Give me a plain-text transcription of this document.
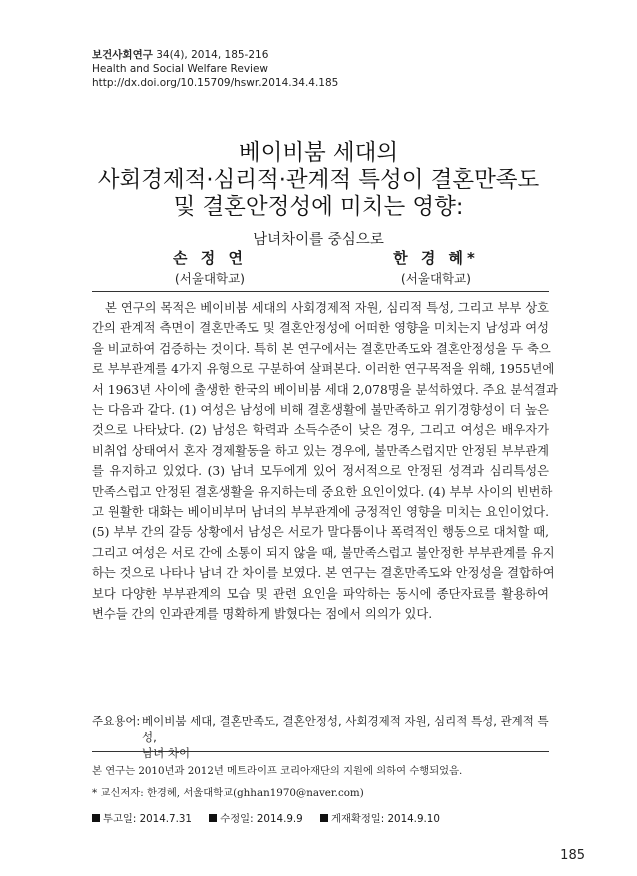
보건사회연구 34(4), 2014, 185-216
Health and Social Welfare Review
http://dx.doi.org/10.15709/hswr.2014.34.4.185
베이비붐 세대의
사회경제적·심리적·관계적 특성이 결혼만족도
및 결혼안정성에 미치는 영향:
남녀차이를 중심으로
손 정 연	한 경 혜*
(서울대학교)	(서울대학교)
본 연구의 목적은 베이비붐 세대의 사회경제적 자원, 심리적 특성, 그리고 부부 상호
간의 관계적 측면이 결혼만족도 및 결혼안정성에 어떠한 영향을 미치는지 남성과 여성
을 비교하여 검증하는 것이다. 특히 본 연구에서는 결혼만족도와 결혼안정성을 두 축으
로 부부관계를 4가지 유형으로 구분하여 살펴본다. 이러한 연구목적을 위해, 1955년에
서 1963년 사이에 출생한 한국의 베이비붐 세대 2,078명을 분석하였다. 주요 분석결과
는 다음과 같다. (1) 여성은 남성에 비해 결혼생활에 불만족하고 위기경향성이 더 높은
것으로 나타났다. (2) 남성은 학력과 소득수준이 낮은 경우, 그리고 여성은 배우자가
비취업 상태여서 혼자 경제활동을 하고 있는 경우에, 불만족스럽지만 안정된 부부관계
를 유지하고 있었다. (3) 남녀 모두에게 있어 정서적으로 안정된 성격과 심리특성은
만족스럽고 안정된 결혼생활을 유지하는데 중요한 요인이었다. (4) 부부 사이의 빈번하
고 원활한 대화는 베이비부머 남녀의 부부관계에 긍정적인 영향을 미치는 요인이었다.
(5) 부부 간의 갈등 상황에서 남성은 서로가 말다툼이나 폭력적인 행동으로 대처할 때,
그리고 여성은 서로 간에 소통이 되지 않을 때, 불만족스럽고 불안정한 부부관계를 유지
하는 것으로 나타나 남녀 간 차이를 보였다. 본 연구는 결혼만족도와 안정성을 결합하여
보다 다양한 부부관계의 모습 및 관련 요인을 파악하는 동시에 종단자료를 활용하여
변수들 간의 인과관계를 명확하게 밝혔다는 점에서 의의가 있다.
주요용어: 베이비붐 세대, 결혼만족도, 결혼안정성, 사회경제적 자원, 심리적 특성, 관계적 특성,
남녀 차이
본 연구는 2010년과 2012년 메트라이프 코리아재단의 지원에 의하여 수행되었음.
* 교신저자: 한경혜, 서울대학교(ghhan1970@naver.com)
투고일: 2014.7.31	수정일: 2014.9.9	게재확정일: 2014.9.10
185
